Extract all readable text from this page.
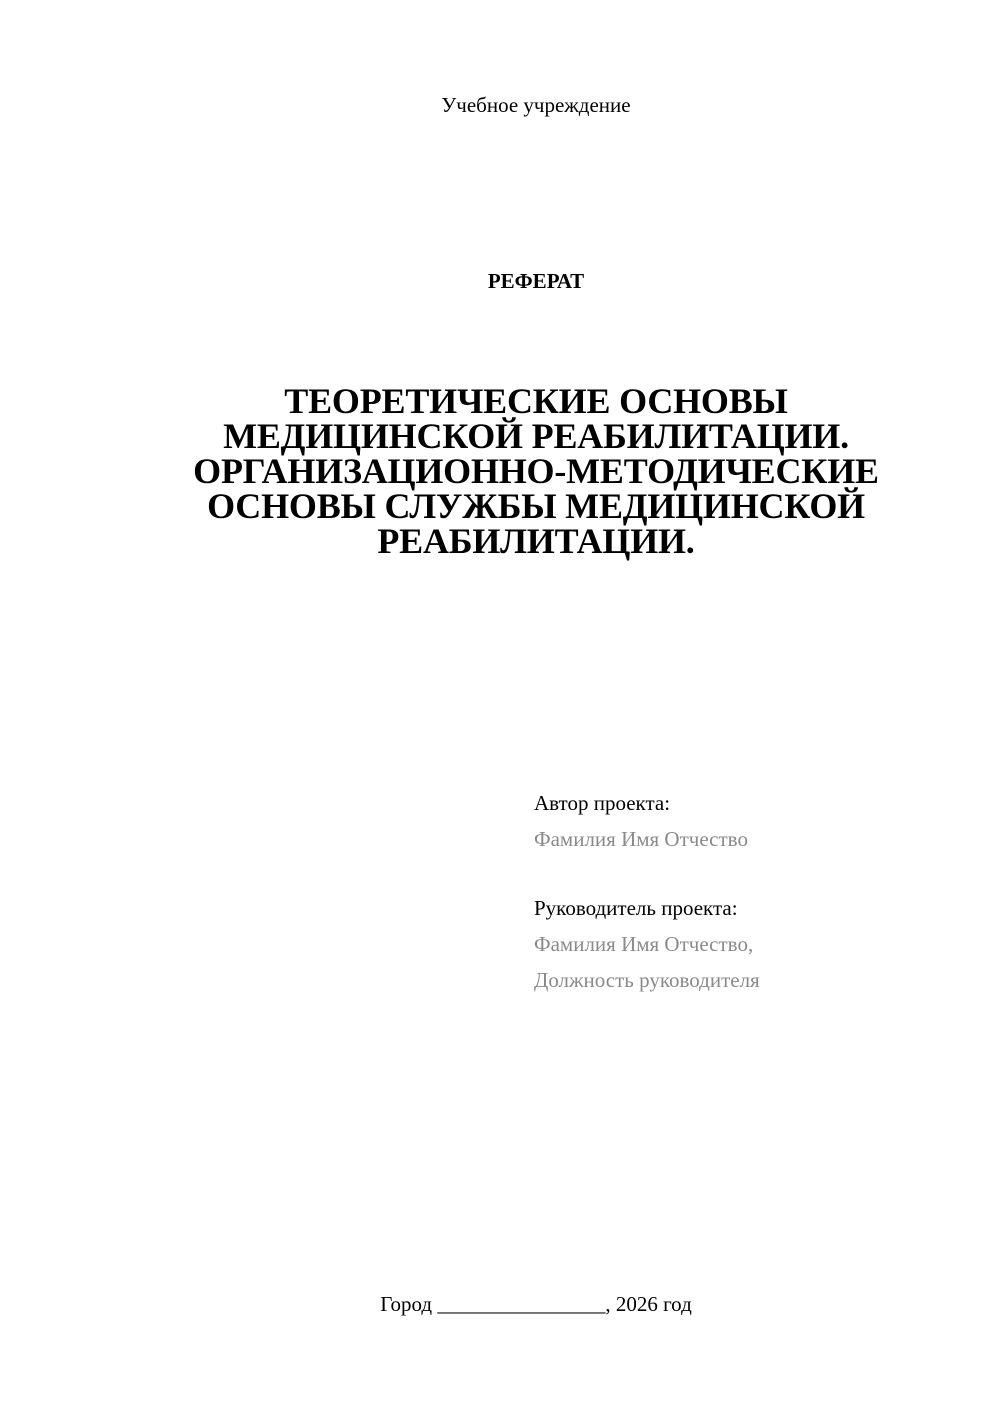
Учебное учреждение
РЕФЕРАТ
ТЕОРЕТИЧЕСКИЕ ОСНОВЫ
МЕДИЦИНСКОЙ РЕАБИЛИТАЦИИ.
ОРГАНИЗАЦИОННО-МЕТОДИЧЕСКИЕ
ОСНОВЫ СЛУЖБЫ МЕДИЦИНСКОЙ
РЕАБИЛИТАЦИИ.
Автор проекта:
Фамилия Имя Отчество
Руководитель проекта:
Фамилия Имя Отчество,
Должность руководителя
Город ________________, 2026 год
